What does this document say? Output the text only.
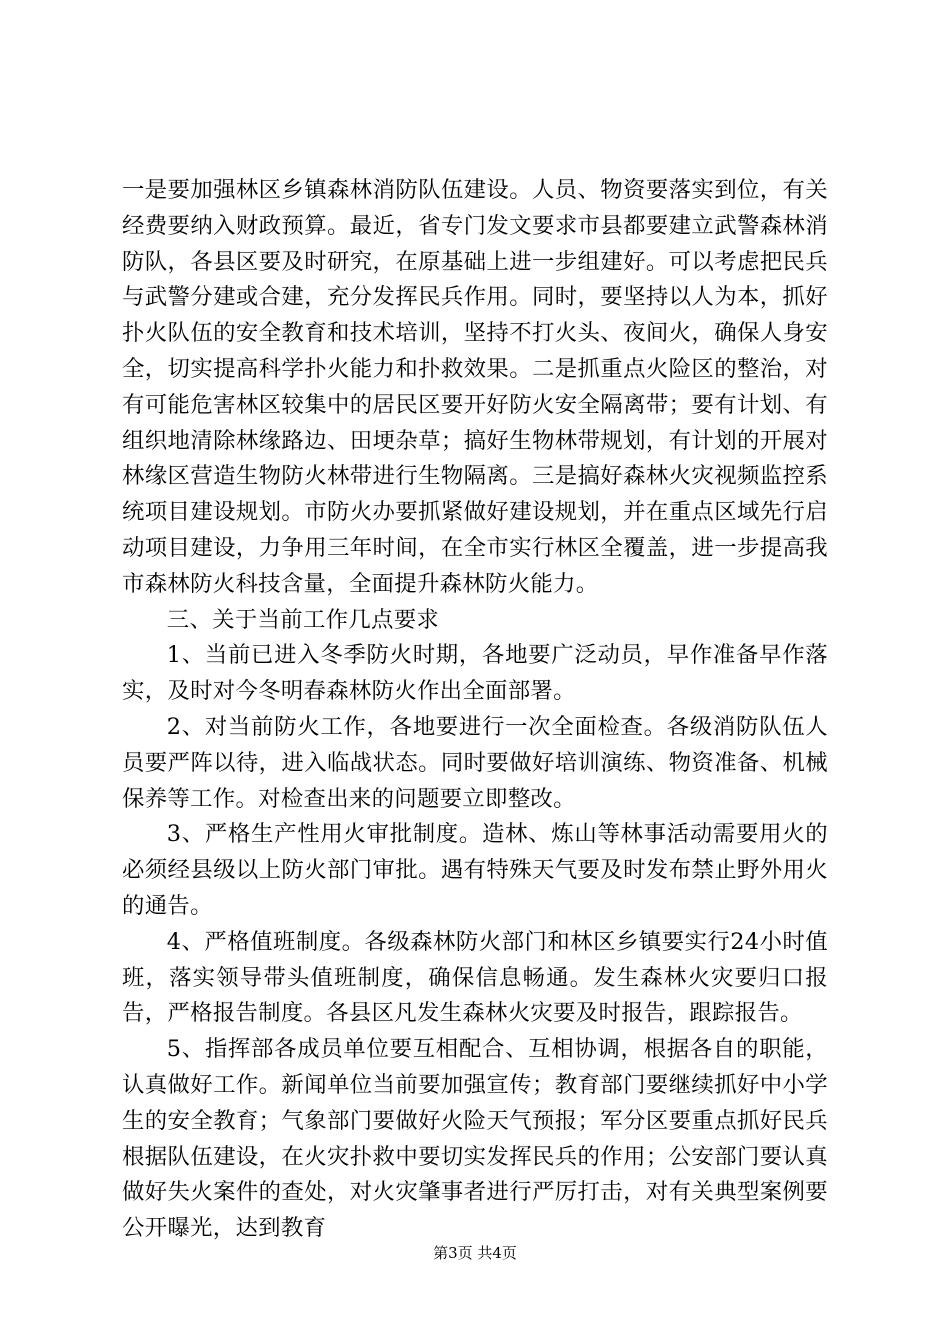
一是要加强林区乡镇森林消防队伍建设。人员、物资要落实到位，有关经费要纳入财政预算。最近，省专门发文要求市县都要建立武警森林消防队，各县区要及时研究，在原基础上进一步组建好。可以考虑把民兵与武警分建或合建，充分发挥民兵作用。同时，要坚持以人为本，抓好扑火队伍的安全教育和技术培训，坚持不打火头、夜间火，确保人身安全，切实提高科学扑火能力和扑救效果。二是抓重点火险区的整治，对有可能危害林区较集中的居民区要开好防火安全隔离带；要有计划、有组织地清除林缘路边、田埂杂草；搞好生物林带规划，有计划的开展对林缘区营造生物防火林带进行生物隔离。三是搞好森林火灾视频监控系统项目建设规划。市防火办要抓紧做好建设规划，并在重点区域先行启动项目建设，力争用三年时间，在全市实行林区全覆盖，进一步提高我市森林防火科技含量，全面提升森林防火能力。

三、关于当前工作几点要求

1、当前已进入冬季防火时期，各地要广泛动员，早作准备早作落实，及时对今冬明春森林防火作出全面部署。

2、对当前防火工作，各地要进行一次全面检查。各级消防队伍人员要严阵以待，进入临战状态。同时要做好培训演练、物资准备、机械保养等工作。对检查出来的问题要立即整改。

3、严格生产性用火审批制度。造林、炼山等林事活动需要用火的必须经县级以上防火部门审批。遇有特殊天气要及时发布禁止野外用火的通告。

4、严格值班制度。各级森林防火部门和林区乡镇要实行24小时值班，落实领导带头值班制度，确保信息畅通。发生森林火灾要归口报告，严格报告制度。各县区凡发生森林火灾要及时报告，跟踪报告。

5、指挥部各成员单位要互相配合、互相协调，根据各自的职能，认真做好工作。新闻单位当前要加强宣传；教育部门要继续抓好中小学生的安全教育；气象部门要做好火险天气预报；军分区要重点抓好民兵根据队伍建设，在火灾扑救中要切实发挥民兵的作用；公安部门要认真做好失火案件的查处，对火灾肇事者进行严厉打击，对有关典型案例要公开曝光，达到教育

第3页 共4页
